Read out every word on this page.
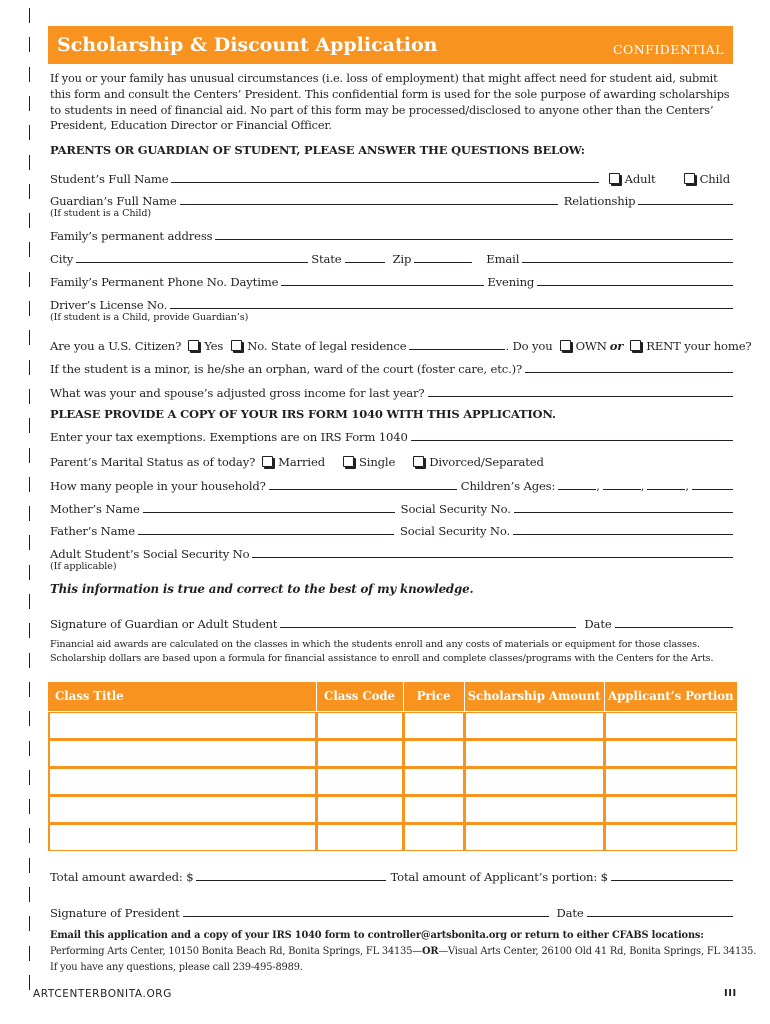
Scholarship & Discount Application	CONFIDENTIAL
If you or your family has unusual circumstances (i.e. loss of employment) that might affect need for student aid, submit this form and consult the Centers’ President. This confidential form is used for the sole purpose of awarding scholarships to students in need of financial aid. No part of this form may be processed/disclosed to anyone other than the Centers’ President, Education Director or Financial Officer.
PARENTS OR GUARDIAN OF STUDENT, PLEASE ANSWER THE QUESTIONS BELOW:
Student’s Full Name	Adult	Child
Guardian’s Full Name	Relationship
(If student is a Child)
Family’s permanent address
City	State	Zip	Email
Family’s Permanent Phone No. Daytime	Evening
Driver’s License No.
(If student is a Child, provide Guardian’s)
Are you a U.S. Citizen? Yes	No. State of legal residence	. Do you OWN or RENT your home?
If the student is a minor, is he/she an orphan, ward of the court (foster care, etc.)?
What was your and spouse’s adjusted gross income for last year?
PLEASE PROVIDE A COPY OF YOUR IRS FORM 1040 WITH THIS APPLICATION.
Enter your tax exemptions. Exemptions are on IRS Form 1040
Parent’s Marital Status as of today? Married	Single	Divorced/Separated
How many people in your household?	Children’s Ages:	,	,	,
Mother’s Name	Social Security No.
Father’s Name	Social Security No.
Adult Student’s Social Security No
(If applicable)
This information is true and correct to the best of my knowledge.
Signature of Guardian or Adult Student	Date
Financial aid awards are calculated on the classes in which the students enroll and any costs of materials or equipment for those classes.
Scholarship dollars are based upon a formula for financial assistance to enroll and complete classes/programs with the Centers for the Arts.
Class Title	Class Code	Price	Scholarship Amount	Applicant’s Portion

Total amount awarded: $	Total amount of Applicant’s portion: $
Signature of President	Date
Email this application and a copy of your IRS 1040 form to controller@artsbonita.org or return to either CFABS locations:
Performing Arts Center, 10150 Bonita Beach Rd, Bonita Springs, FL 34135—OR—Visual Arts Center, 26100 Old 41 Rd, Bonita Springs, FL 34135.
If you have any questions, please call 239-495-8989.
ARTCENTERBONITA.ORG	III
